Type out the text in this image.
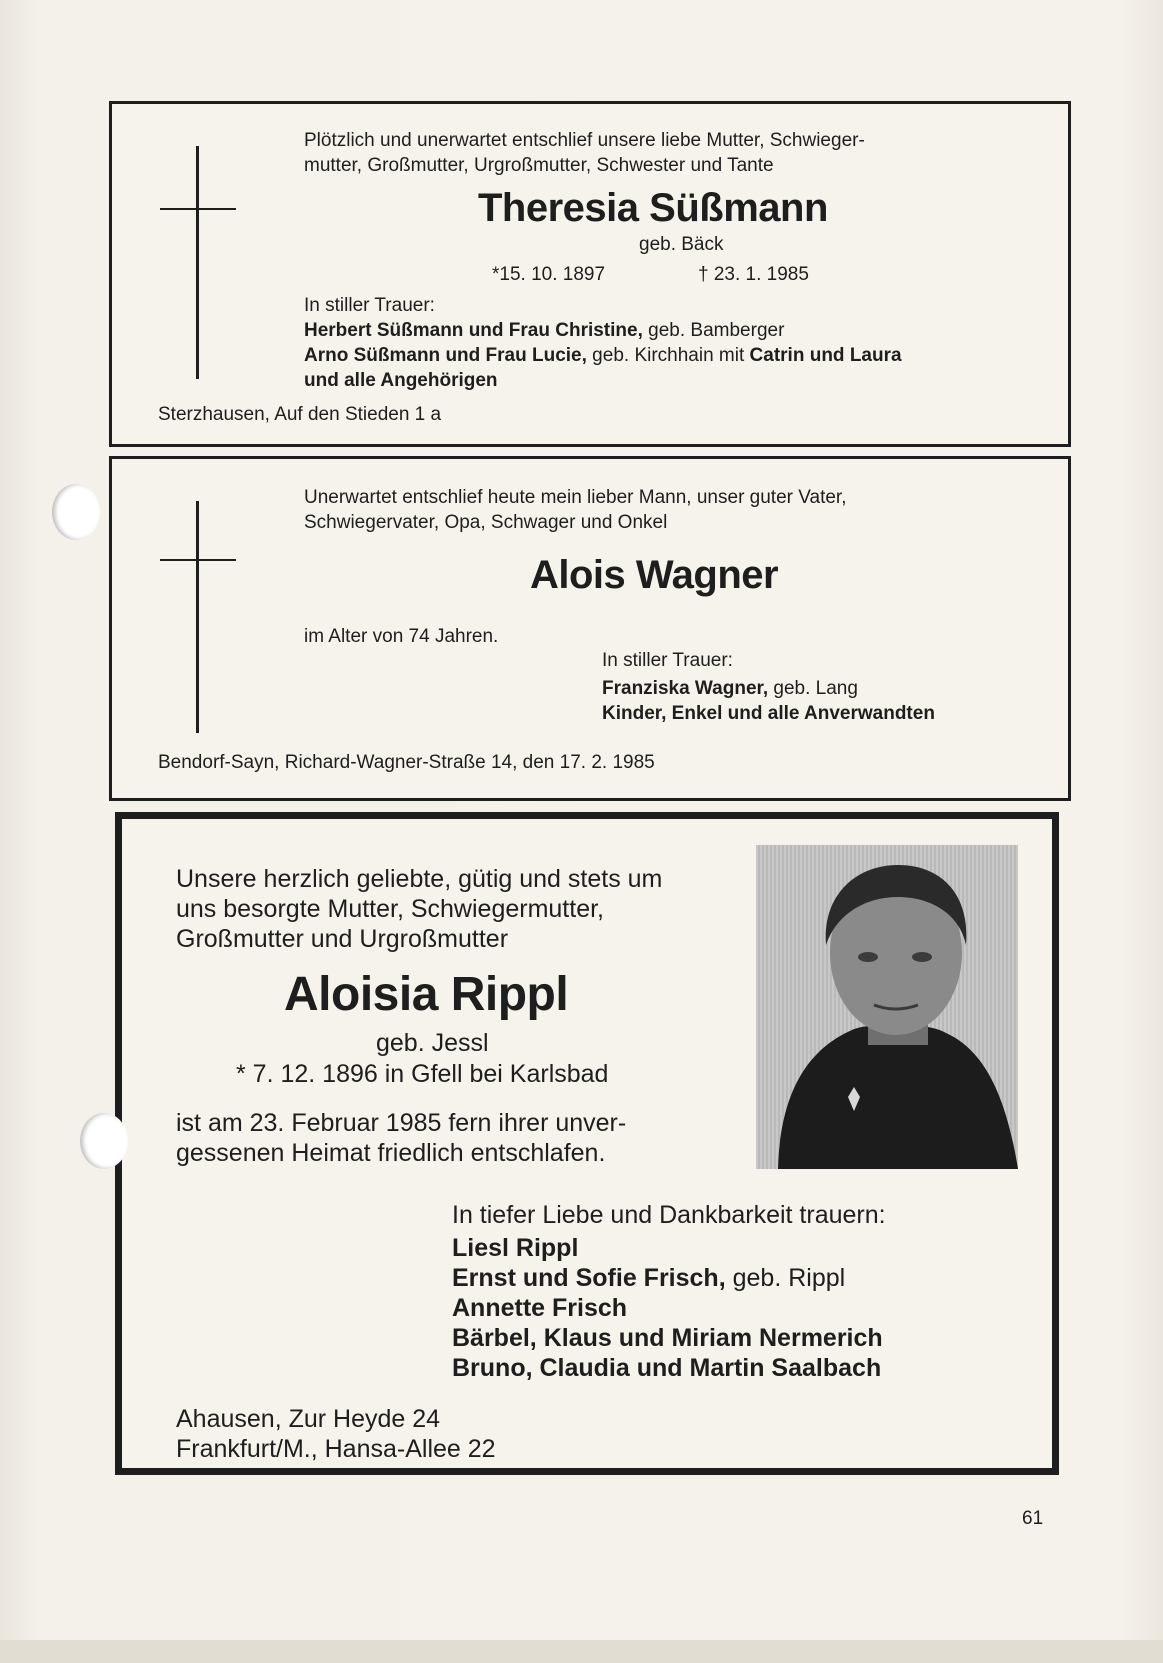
Plötzlich und unerwartet entschlief unsere liebe Mutter, Schwieger-
mutter, Großmutter, Urgroßmutter, Schwester und Tante
Theresia Süßmann
geb. Bäck
*15. 10. 1897	† 23. 1. 1985
In stiller Trauer:
Herbert Süßmann und Frau Christine, geb. Bamberger
Arno Süßmann und Frau Lucie, geb. Kirchhain mit Catrin und Laura
und alle Angehörigen
Sterzhausen, Auf den Stieden 1 a
Unerwartet entschlief heute mein lieber Mann, unser guter Vater,
Schwiegervater, Opa, Schwager und Onkel
Alois Wagner
im Alter von 74 Jahren.
In stiller Trauer:
Franziska Wagner, geb. Lang
Kinder, Enkel und alle Anverwandten
Bendorf-Sayn, Richard-Wagner-Straße 14, den 17. 2. 1985
Unsere herzlich geliebte, gütig und stets um
uns besorgte Mutter, Schwiegermutter,
Großmutter und Urgroßmutter
Aloisia Rippl
geb. Jessl
* 7. 12. 1896 in Gfell bei Karlsbad
ist am 23. Februar 1985 fern ihrer unver-
gessenen Heimat friedlich entschlafen.
In tiefer Liebe und Dankbarkeit trauern:
Liesl Rippl
Ernst und Sofie Frisch, geb. Rippl
Annette Frisch
Bärbel, Klaus und Miriam Nermerich
Bruno, Claudia und Martin Saalbach
Ahausen, Zur Heyde 24
Frankfurt/M., Hansa-Allee 22
61
